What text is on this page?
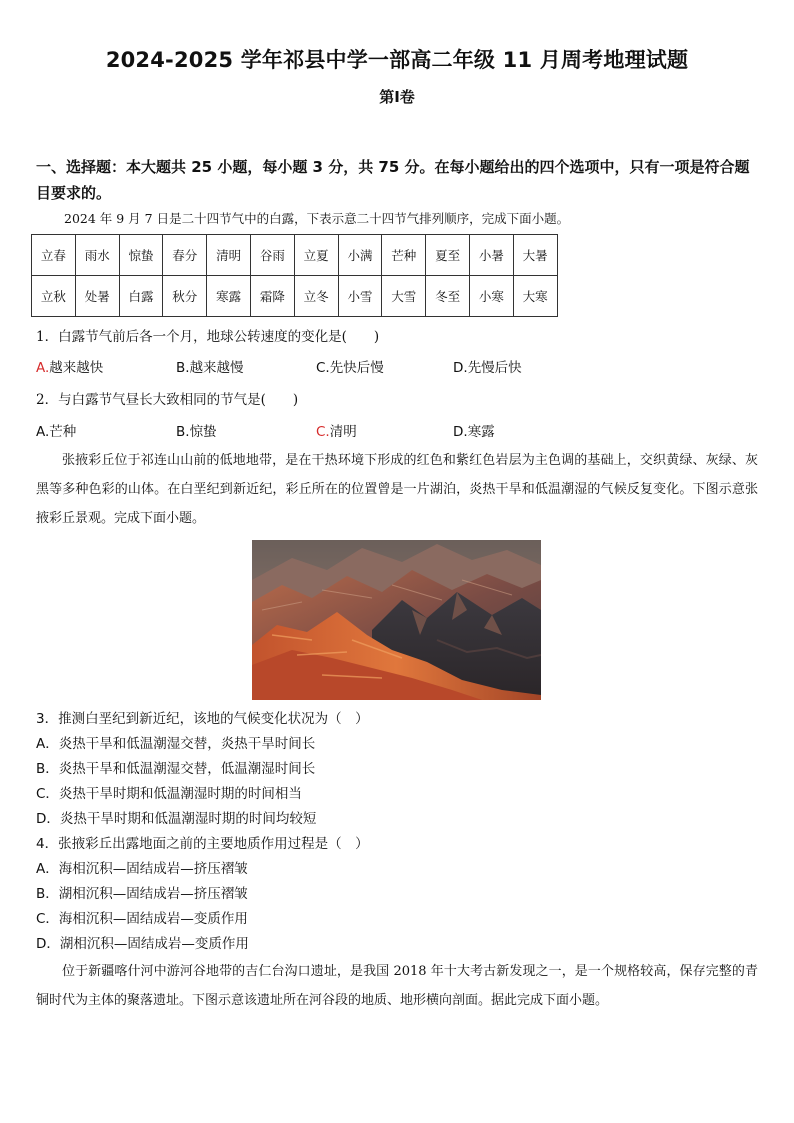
2024-2025 学年祁县中学一部高二年级 11 月周考地理试题
第Ⅰ卷
一、选择题：本大题共 25 小题，每小题 3 分，共 75 分。在每小题给出的四个选项中，只有一项是符合题目要求的。
2024 年 9 月 7 日是二十四节气中的白露，下表示意二十四节气排列顺序，完成下面小题。
立春	雨水	惊蛰	春分	清明	谷雨	立夏	小满	芒种	夏至	小暑	大暑
立秋	处暑	白露	秋分	寒露	霜降	立冬	小雪	大雪	冬至	小寒	大寒
1．白露节气前后各一个月，地球公转速度的变化是(　　)
A.越来越快	B.越来越慢	C.先快后慢	D.先慢后快
2．与白露节气昼长大致相同的节气是(　　)
A.芒种	B.惊蛰	C.清明	D.寒露
张掖彩丘位于祁连山山前的低地地带，是在干热环境下形成的红色和紫红色岩层为主色调的基础上，交织黄绿、灰绿、灰黑等多种色彩的山体。在白垩纪到新近纪，彩丘所在的位置曾是一片湖泊，炎热干旱和低温潮湿的气候反复变化。下图示意张掖彩丘景观。完成下面小题。
3．推测白垩纪到新近纪，该地的气候变化状况为（　）
A．炎热干旱和低温潮湿交替，炎热干旱时间长
B．炎热干旱和低温潮湿交替，低温潮湿时间长
C．炎热干旱时期和低温潮湿时期的时间相当
D．炎热干旱时期和低温潮湿时期的时间均较短
4．张掖彩丘出露地面之前的主要地质作用过程是（　）
A．海相沉积—固结成岩—挤压褶皱
B．湖相沉积—固结成岩—挤压褶皱
C．海相沉积—固结成岩—变质作用
D．湖相沉积—固结成岩—变质作用
位于新疆喀什河中游河谷地带的吉仁台沟口遗址，是我国 2018 年十大考古新发现之一，是一个规格较高，保存完整的青铜时代为主体的聚落遗址。下图示意该遗址所在河谷段的地质、地形横向剖面。据此完成下面小题。
